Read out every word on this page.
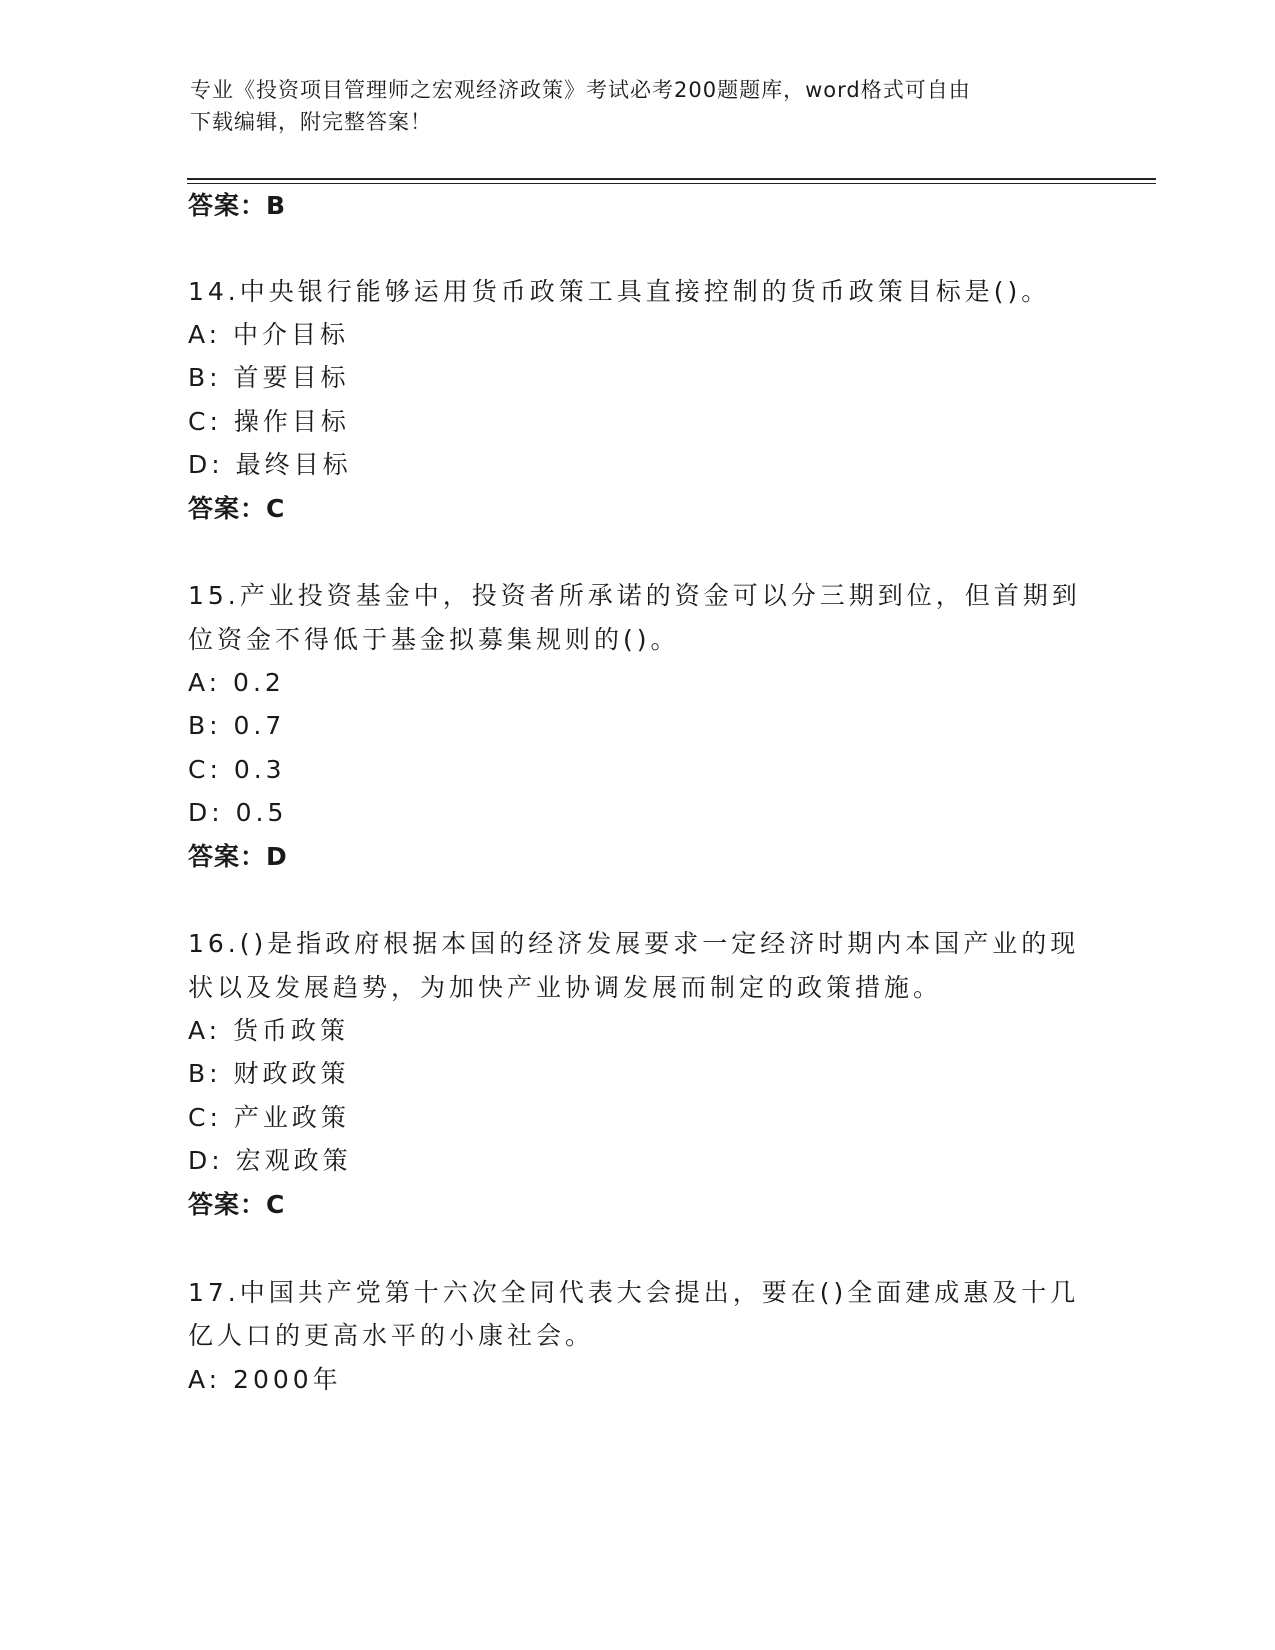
专业《投资项目管理师之宏观经济政策》考试必考200题题库，word格式可自由
下载编辑，附完整答案！
答案：B
14.中央银行能够运用货币政策工具直接控制的货币政策目标是()。
A: 中介目标
B: 首要目标
C: 操作目标
D: 最终目标
答案：C
15.产业投资基金中，投资者所承诺的资金可以分三期到位，但首期到
位资金不得低于基金拟募集规则的()。
A: 0.2
B: 0.7
C: 0.3
D: 0.5
答案：D
16.()是指政府根据本国的经济发展要求一定经济时期内本国产业的现
状以及发展趋势，为加快产业协调发展而制定的政策措施。
A: 货币政策
B: 财政政策
C: 产业政策
D: 宏观政策
答案：C
17.中国共产党第十六次全同代表大会提出，要在()全面建成惠及十几
亿人口的更高水平的小康社会。
A: 2000年
